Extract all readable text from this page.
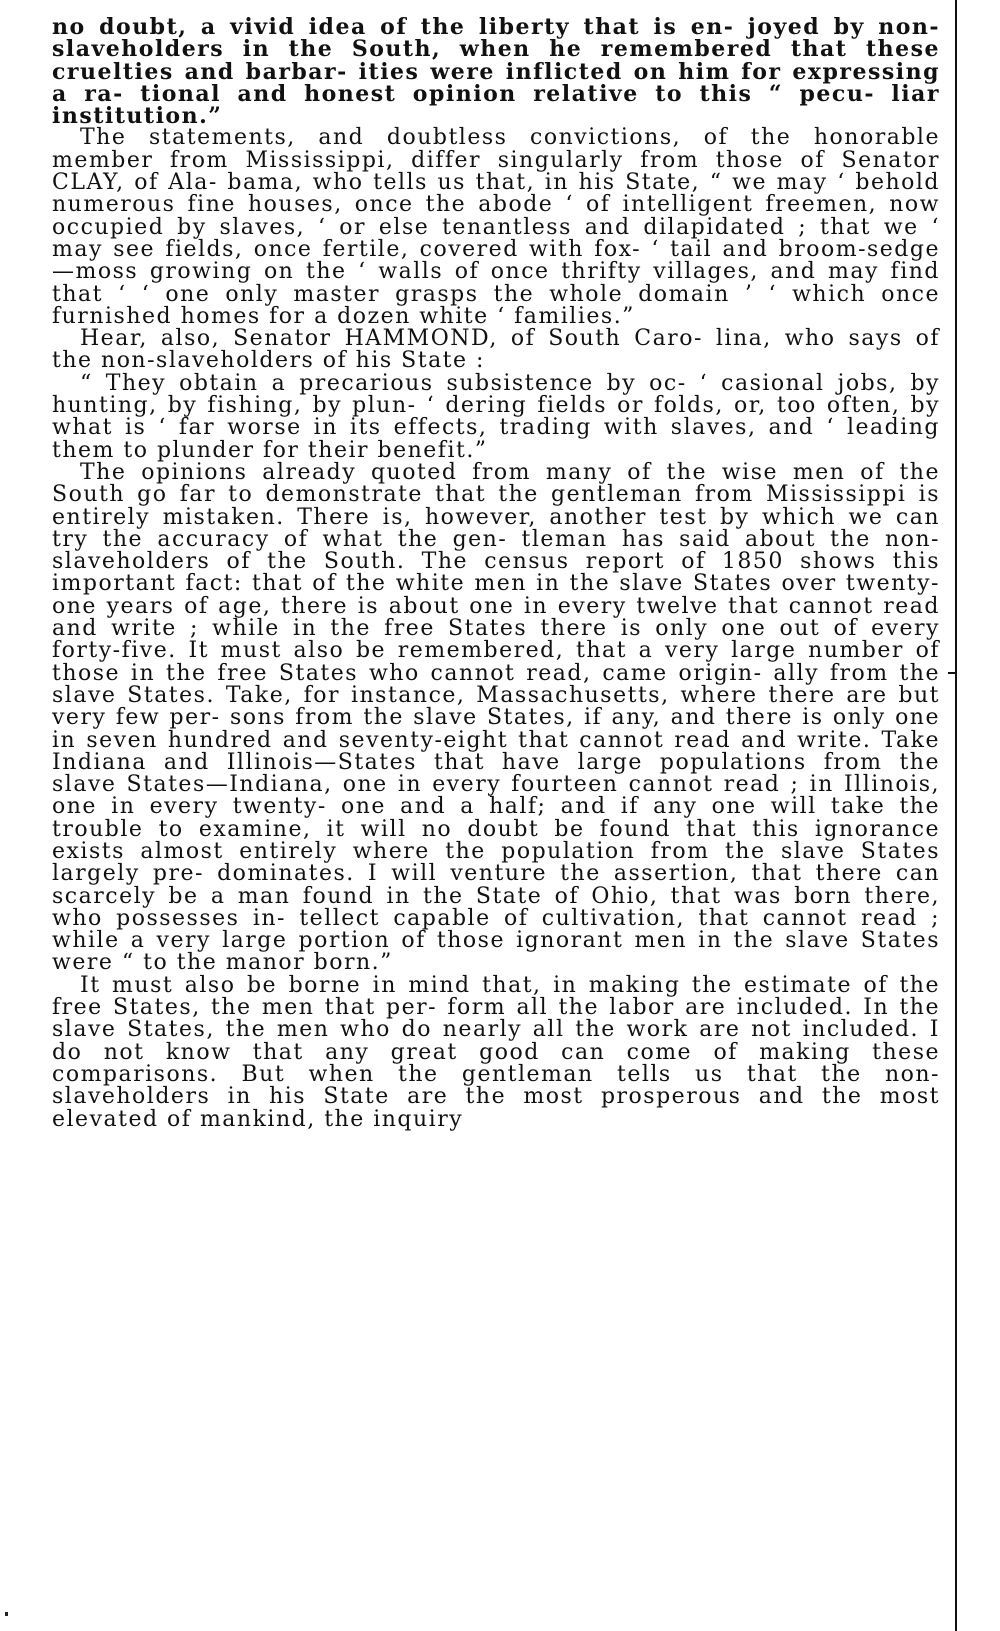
no doubt, a vivid idea of the liberty that is en- joyed by non-slaveholders in the South, when he remembered that these cruelties and barbar- ities were inflicted on him for expressing a ra- tional and honest opinion relative to this “ pecu- liar institution.”

The statements, and doubtless convictions, of the honorable member from Mississippi, differ singularly from those of Senator CLAY, of Ala- bama, who tells us that, in his State, “ we may ‘ behold numerous fine houses, once the abode ‘ of intelligent freemen, now occupied by slaves, ‘ or else tenantless and dilapidated ; that we ‘ may see fields, once fertile, covered with fox- ‘ tail and broom-sedge—moss growing on the ‘ walls of once thrifty villages, and may find that ‘ ‘ one only master grasps the whole domain ’ ‘ which once furnished homes for a dozen white ‘ families.”

Hear, also, Senator HAMMOND, of South Caro- lina, who says of the non-slaveholders of his State :

“ They obtain a precarious subsistence by oc- ‘ casional jobs, by hunting, by fishing, by plun- ‘ dering fields or folds, or, too often, by what is ‘ far worse in its effects, trading with slaves, and ‘ leading them to plunder for their benefit.”

The opinions already quoted from many of the wise men of the South go far to demonstrate that the gentleman from Mississippi is entirely mistaken. There is, however, another test by which we can try the accuracy of what the gen- tleman has said about the non-slaveholders of the South. The census report of 1850 shows this important fact: that of the white men in the slave States over twenty-one years of age, there is about one in every twelve that cannot read and write ; while in the free States there is only one out of every forty-five. It must also be remembered, that a very large number of those in the free States who cannot read, came origin- ally from the slave States. Take, for instance, Massachusetts, where there are but very few per- sons from the slave States, if any, and there is only one in seven hundred and seventy-eight that cannot read and write. Take Indiana and Illinois—States that have large populations from the slave States—Indiana, one in every fourteen cannot read ; in Illinois, one in every twenty- one and a half; and if any one will take the trouble to examine, it will no doubt be found that this ignorance exists almost entirely where the population from the slave States largely pre- dominates. I will venture the assertion, that there can scarcely be a man found in the State of Ohio, that was born there, who possesses in- tellect capable of cultivation, that cannot read ; while a very large portion of those ignorant men in the slave States were “ to the manor born.”

It must also be borne in mind that, in making the estimate of the free States, the men that per- form all the labor are included. In the slave States, the men who do nearly all the work are not included. I do not know that any great good can come of making these comparisons. But when the gentleman tells us that the non- slaveholders in his State are the most prosperous and the most elevated of mankind, the inquiry
